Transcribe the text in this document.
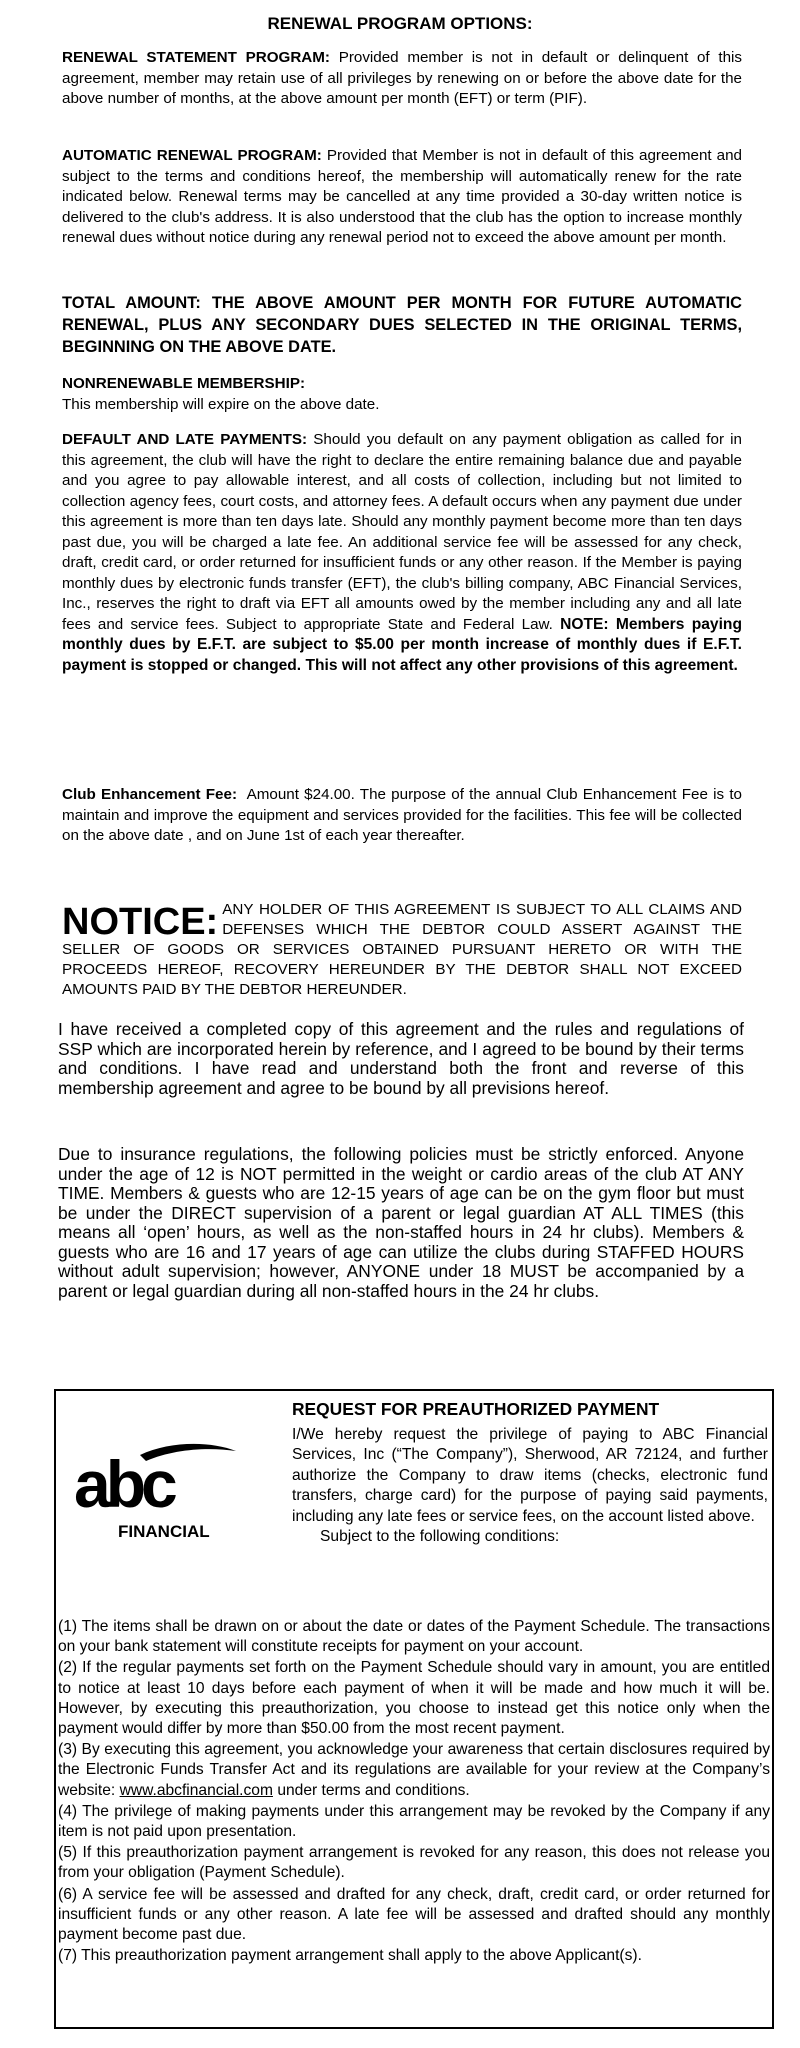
RENEWAL PROGRAM OPTIONS:
RENEWAL STATEMENT PROGRAM: Provided member is not in default or delinquent of this agreement, member may retain use of all privileges by renewing on or before the above date for the above number of months, at the above amount per month (EFT) or term (PIF).
AUTOMATIC RENEWAL PROGRAM: Provided that Member is not in default of this agreement and subject to the terms and conditions hereof, the membership will automatically renew for the rate indicated below. Renewal terms may be cancelled at any time provided a 30-day written notice is delivered to the club's address. It is also understood that the club has the option to increase monthly renewal dues without notice during any renewal period not to exceed the above amount per month.
TOTAL AMOUNT: THE ABOVE AMOUNT PER MONTH FOR FUTURE AUTOMATIC RENEWAL, PLUS ANY SECONDARY DUES SELECTED IN THE ORIGINAL TERMS, BEGINNING ON THE ABOVE DATE.
NONRENEWABLE MEMBERSHIP:
This membership will expire on the above date.
DEFAULT AND LATE PAYMENTS: Should you default on any payment obligation as called for in this agreement, the club will have the right to declare the entire remaining balance due and payable and you agree to pay allowable interest, and all costs of collection, including but not limited to collection agency fees, court costs, and attorney fees. A default occurs when any payment due under this agreement is more than ten days late. Should any monthly payment become more than ten days past due, you will be charged a late fee. An additional service fee will be assessed for any check, draft, credit card, or order returned for insufficient funds or any other reason. If the Member is paying monthly dues by electronic funds transfer (EFT), the club's billing company, ABC Financial Services, Inc., reserves the right to draft via EFT all amounts owed by the member including any and all late fees and service fees. Subject to appropriate State and Federal Law. NOTE: Members paying monthly dues by E.F.T. are subject to $5.00 per month increase of monthly dues if E.F.T. payment is stopped or changed. This will not affect any other provisions of this agreement.
Club Enhancement Fee: Amount $24.00. The purpose of the annual Club Enhancement Fee is to maintain and improve the equipment and services provided for the facilities. This fee will be collected on the above date , and on June 1st of each year thereafter.
NOTICE: ANY HOLDER OF THIS AGREEMENT IS SUBJECT TO ALL CLAIMS AND DEFENSES WHICH THE DEBTOR COULD ASSERT AGAINST THE SELLER OF GOODS OR SERVICES OBTAINED PURSUANT HERETO OR WITH THE PROCEEDS HEREOF, RECOVERY HEREUNDER BY THE DEBTOR SHALL NOT EXCEED AMOUNTS PAID BY THE DEBTOR HEREUNDER.
I have received a completed copy of this agreement and the rules and regulations of SSP which are incorporated herein by reference, and I agreed to be bound by their terms and conditions. I have read and understand both the front and reverse of this membership agreement and agree to be bound by all previsions hereof.
Due to insurance regulations, the following policies must be strictly enforced. Anyone under the age of 12 is NOT permitted in the weight or cardio areas of the club AT ANY TIME. Members & guests who are 12-15 years of age can be on the gym floor but must be under the DIRECT supervision of a parent or legal guardian AT ALL TIMES (this means all ‘open’ hours, as well as the non-staffed hours in 24 hr clubs). Members & guests who are 16 and 17 years of age can utilize the clubs during STAFFED HOURS without adult supervision; however, ANYONE under 18 MUST be accompanied by a parent or legal guardian during all non-staffed hours in the 24 hr clubs.
abc
FINANCIAL
REQUEST FOR PREAUTHORIZED PAYMENT
I/We hereby request the privilege of paying to ABC Financial Services, Inc (“The Company”), Sherwood, AR 72124, and further authorize the Company to draw items (checks, electronic fund transfers, charge card) for the purpose of paying said payments, including any late fees or service fees, on the account listed above.
Subject to the following conditions:

(1) The items shall be drawn on or about the date or dates of the Payment Schedule. The transactions on your bank statement will constitute receipts for payment on your account.

(2) If the regular payments set forth on the Payment Schedule should vary in amount, you are entitled to notice at least 10 days before each payment of when it will be made and how much it will be. However, by executing this preauthorization, you choose to instead get this notice only when the payment would differ by more than $50.00 from the most recent payment.

(3) By executing this agreement, you acknowledge your awareness that certain disclosures required by the Electronic Funds Transfer Act and its regulations are available for your review at the Company’s website: www.abcfinancial.com under terms and conditions.

(4) The privilege of making payments under this arrangement may be revoked by the Company if any item is not paid upon presentation.

(5) If this preauthorization payment arrangement is revoked for any reason, this does not release you from your obligation (Payment Schedule).

(6) A service fee will be assessed and drafted for any check, draft, credit card, or order returned for insufficient funds or any other reason. A late fee will be assessed and drafted should any monthly payment become past due.

(7) This preauthorization payment arrangement shall apply to the above Applicant(s).
